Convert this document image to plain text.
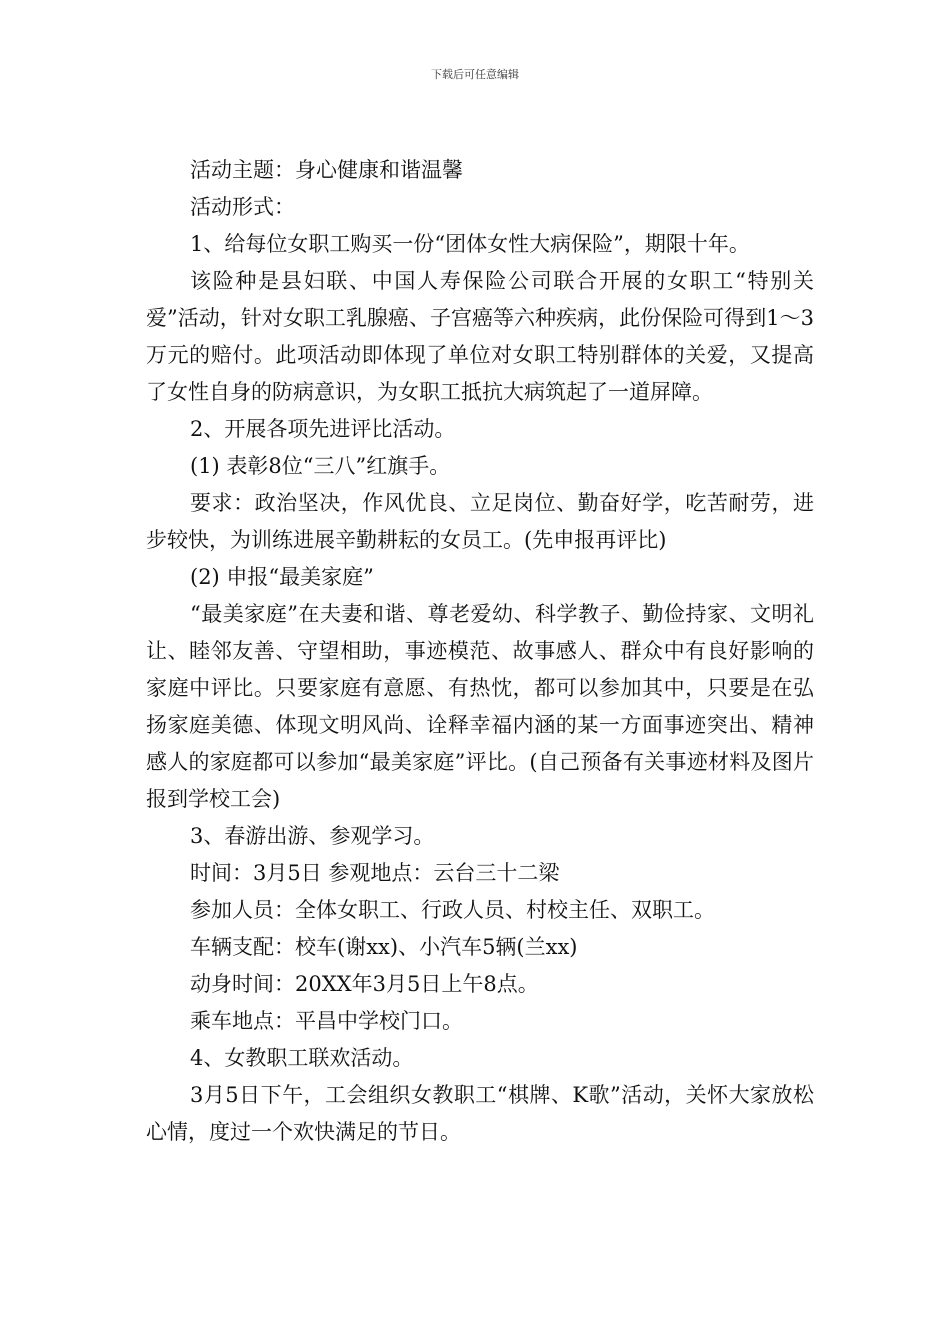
下载后可任意编辑

活动主题：身心健康和谐温馨

活动形式：

1、给每位女职工购买一份“团体女性大病保险”，期限十年。

该险种是县妇联、中国人寿保险公司联合开展的女职工“特别关爱”活动，针对女职工乳腺癌、子宫癌等六种疾病，此份保险可得到1～3万元的赔付。此项活动即体现了单位对女职工特别群体的关爱，又提高了女性自身的防病意识，为女职工抵抗大病筑起了一道屏障。

2、开展各项先进评比活动。

(1) 表彰8位“三八”红旗手。

要求：政治坚决，作风优良、立足岗位、勤奋好学，吃苦耐劳，进步较快，为训练进展辛勤耕耘的女员工。(先申报再评比)

(2) 申报“最美家庭”

“最美家庭”在夫妻和谐、尊老爱幼、科学教子、勤俭持家、文明礼让、睦邻友善、守望相助，事迹模范、故事感人、群众中有良好影响的家庭中评比。只要家庭有意愿、有热忱，都可以参加其中，只要是在弘扬家庭美德、体现文明风尚、诠释幸福内涵的某一方面事迹突出、精神感人的家庭都可以参加“最美家庭”评比。(自己预备有关事迹材料及图片报到学校工会)

3、春游出游、参观学习。

时间：3月5日 参观地点：云台三十二梁

参加人员：全体女职工、行政人员、村校主任、双职工。

车辆支配：校车(谢xx)、小汽车5辆(兰xx)

动身时间：20XX年3月5日上午8点。

乘车地点：平昌中学校门口。

4、女教职工联欢活动。

3月5日下午，工会组织女教职工“棋牌、K歌”活动，关怀大家放松心情，度过一个欢快满足的节日。
